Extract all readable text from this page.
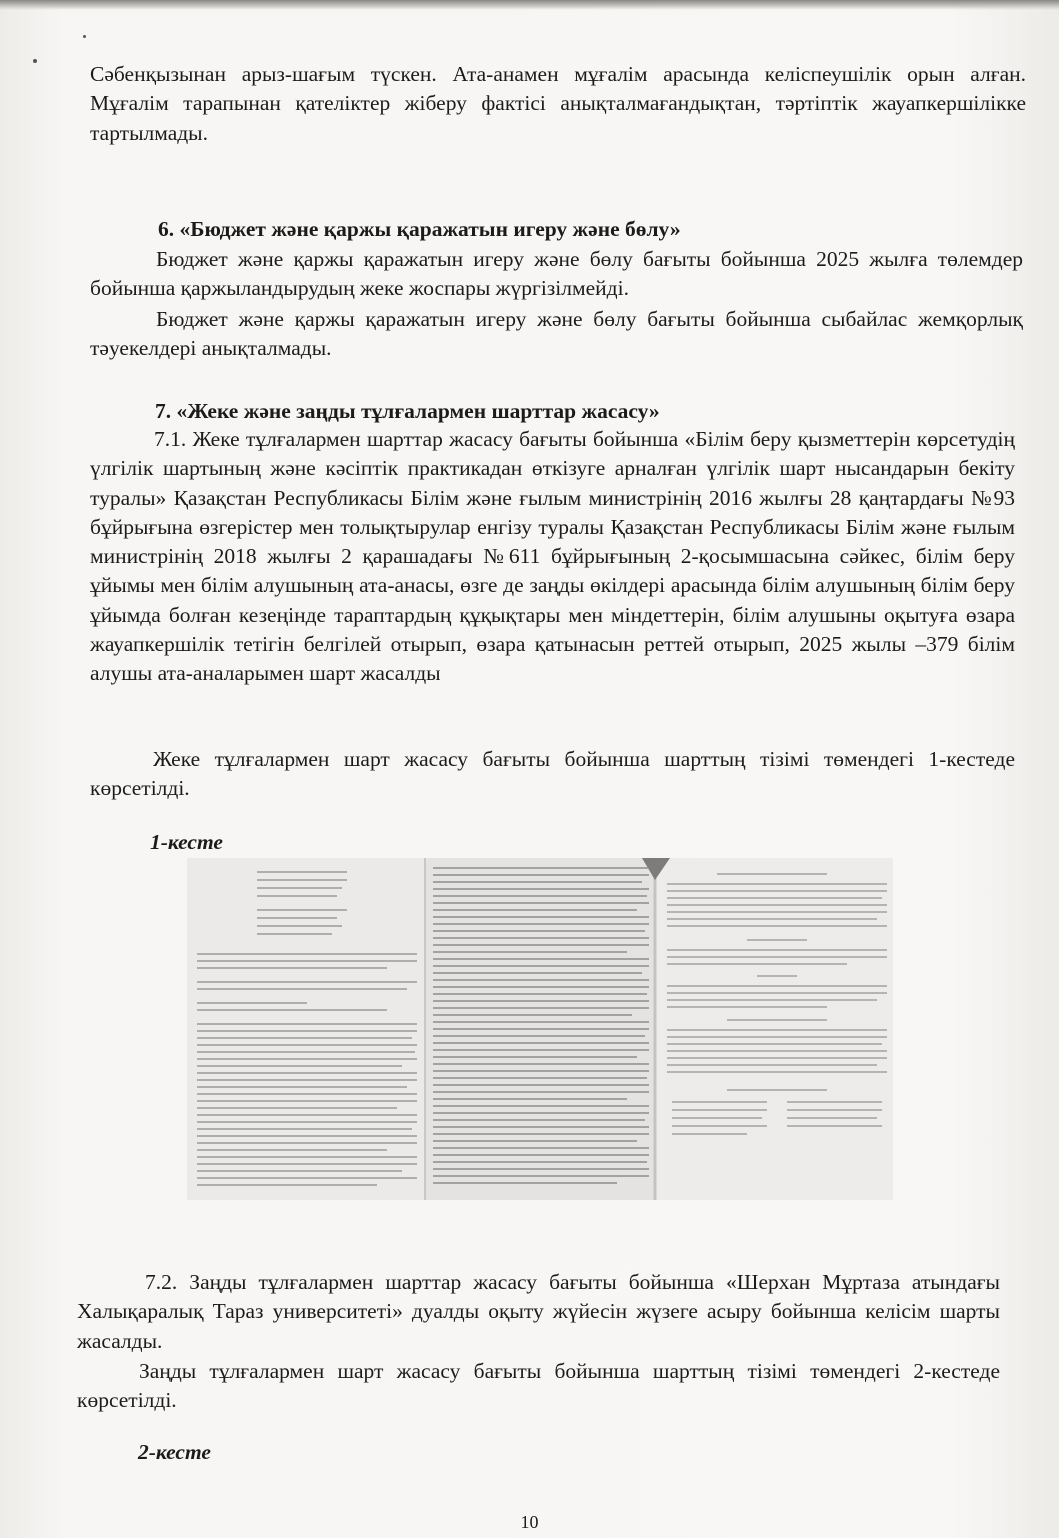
Сәбенқызынан арыз-шағым түскен. Ата-анамен мұғалім арасында келіспеушілік орын алған. Мұғалім тарапынан қателіктер жіберу фактісі анықталмағандықтан, тәртіптік жауапкершілікке тартылмады.

6. «Бюджет және қаржы қаражатын игеру және бөлу»

Бюджет және қаржы қаражатын игеру және бөлу бағыты бойынша 2025 жылға төлемдер бойынша қаржыландырудың жеке жоспары жүргізілмейді.

Бюджет және қаржы қаражатын игеру және бөлу бағыты бойынша сыбайлас жемқорлық тәуекелдері анықталмады.

7. «Жеке және заңды тұлғалармен шарттар жасасу»

7.1. Жеке тұлғалармен шарттар жасасу бағыты бойынша «Білім беру қызметтерін көрсетудің үлгілік шартының және кәсіптік практикадан өткізуге арналған үлгілік шарт нысандарын бекіту туралы» Қазақстан Республикасы Білім және ғылым министрінің 2016 жылғы 28 қаңтардағы №93 бұйрығына өзгерістер мен толықтырулар енгізу туралы Қазақстан Республикасы Білім және ғылым министрінің 2018 жылғы 2 қарашадағы №611 бұйрығының 2-қосымшасына сәйкес, білім беру ұйымы мен білім алушының ата-анасы, өзге де заңды өкілдері арасында білім алушының білім беру ұйымда болған кезеңінде тараптардың құқықтары мен міндеттерін, білім алушыны оқытуға өзара жауапкершілік тетігін белгілей отырып, өзара қатынасын реттей отырып, 2025 жылы –379 білім алушы ата-аналарымен шарт жасалды

Жеке тұлғалармен шарт жасасу бағыты бойынша шарттың тізімі төмендегі 1-кестеде көрсетілді.

1-кесте

7.2. Заңды тұлғалармен шарттар жасасу бағыты бойынша «Шерхан Мұртаза атындағы Халықаралық Тараз университеті» дуалды оқыту жүйесін жүзеге асыру бойынша келісім шарты жасалды.

Заңды тұлғалармен шарт жасасу бағыты бойынша шарттың тізімі төмендегі 2-кестеде көрсетілді.

2-кесте

10
